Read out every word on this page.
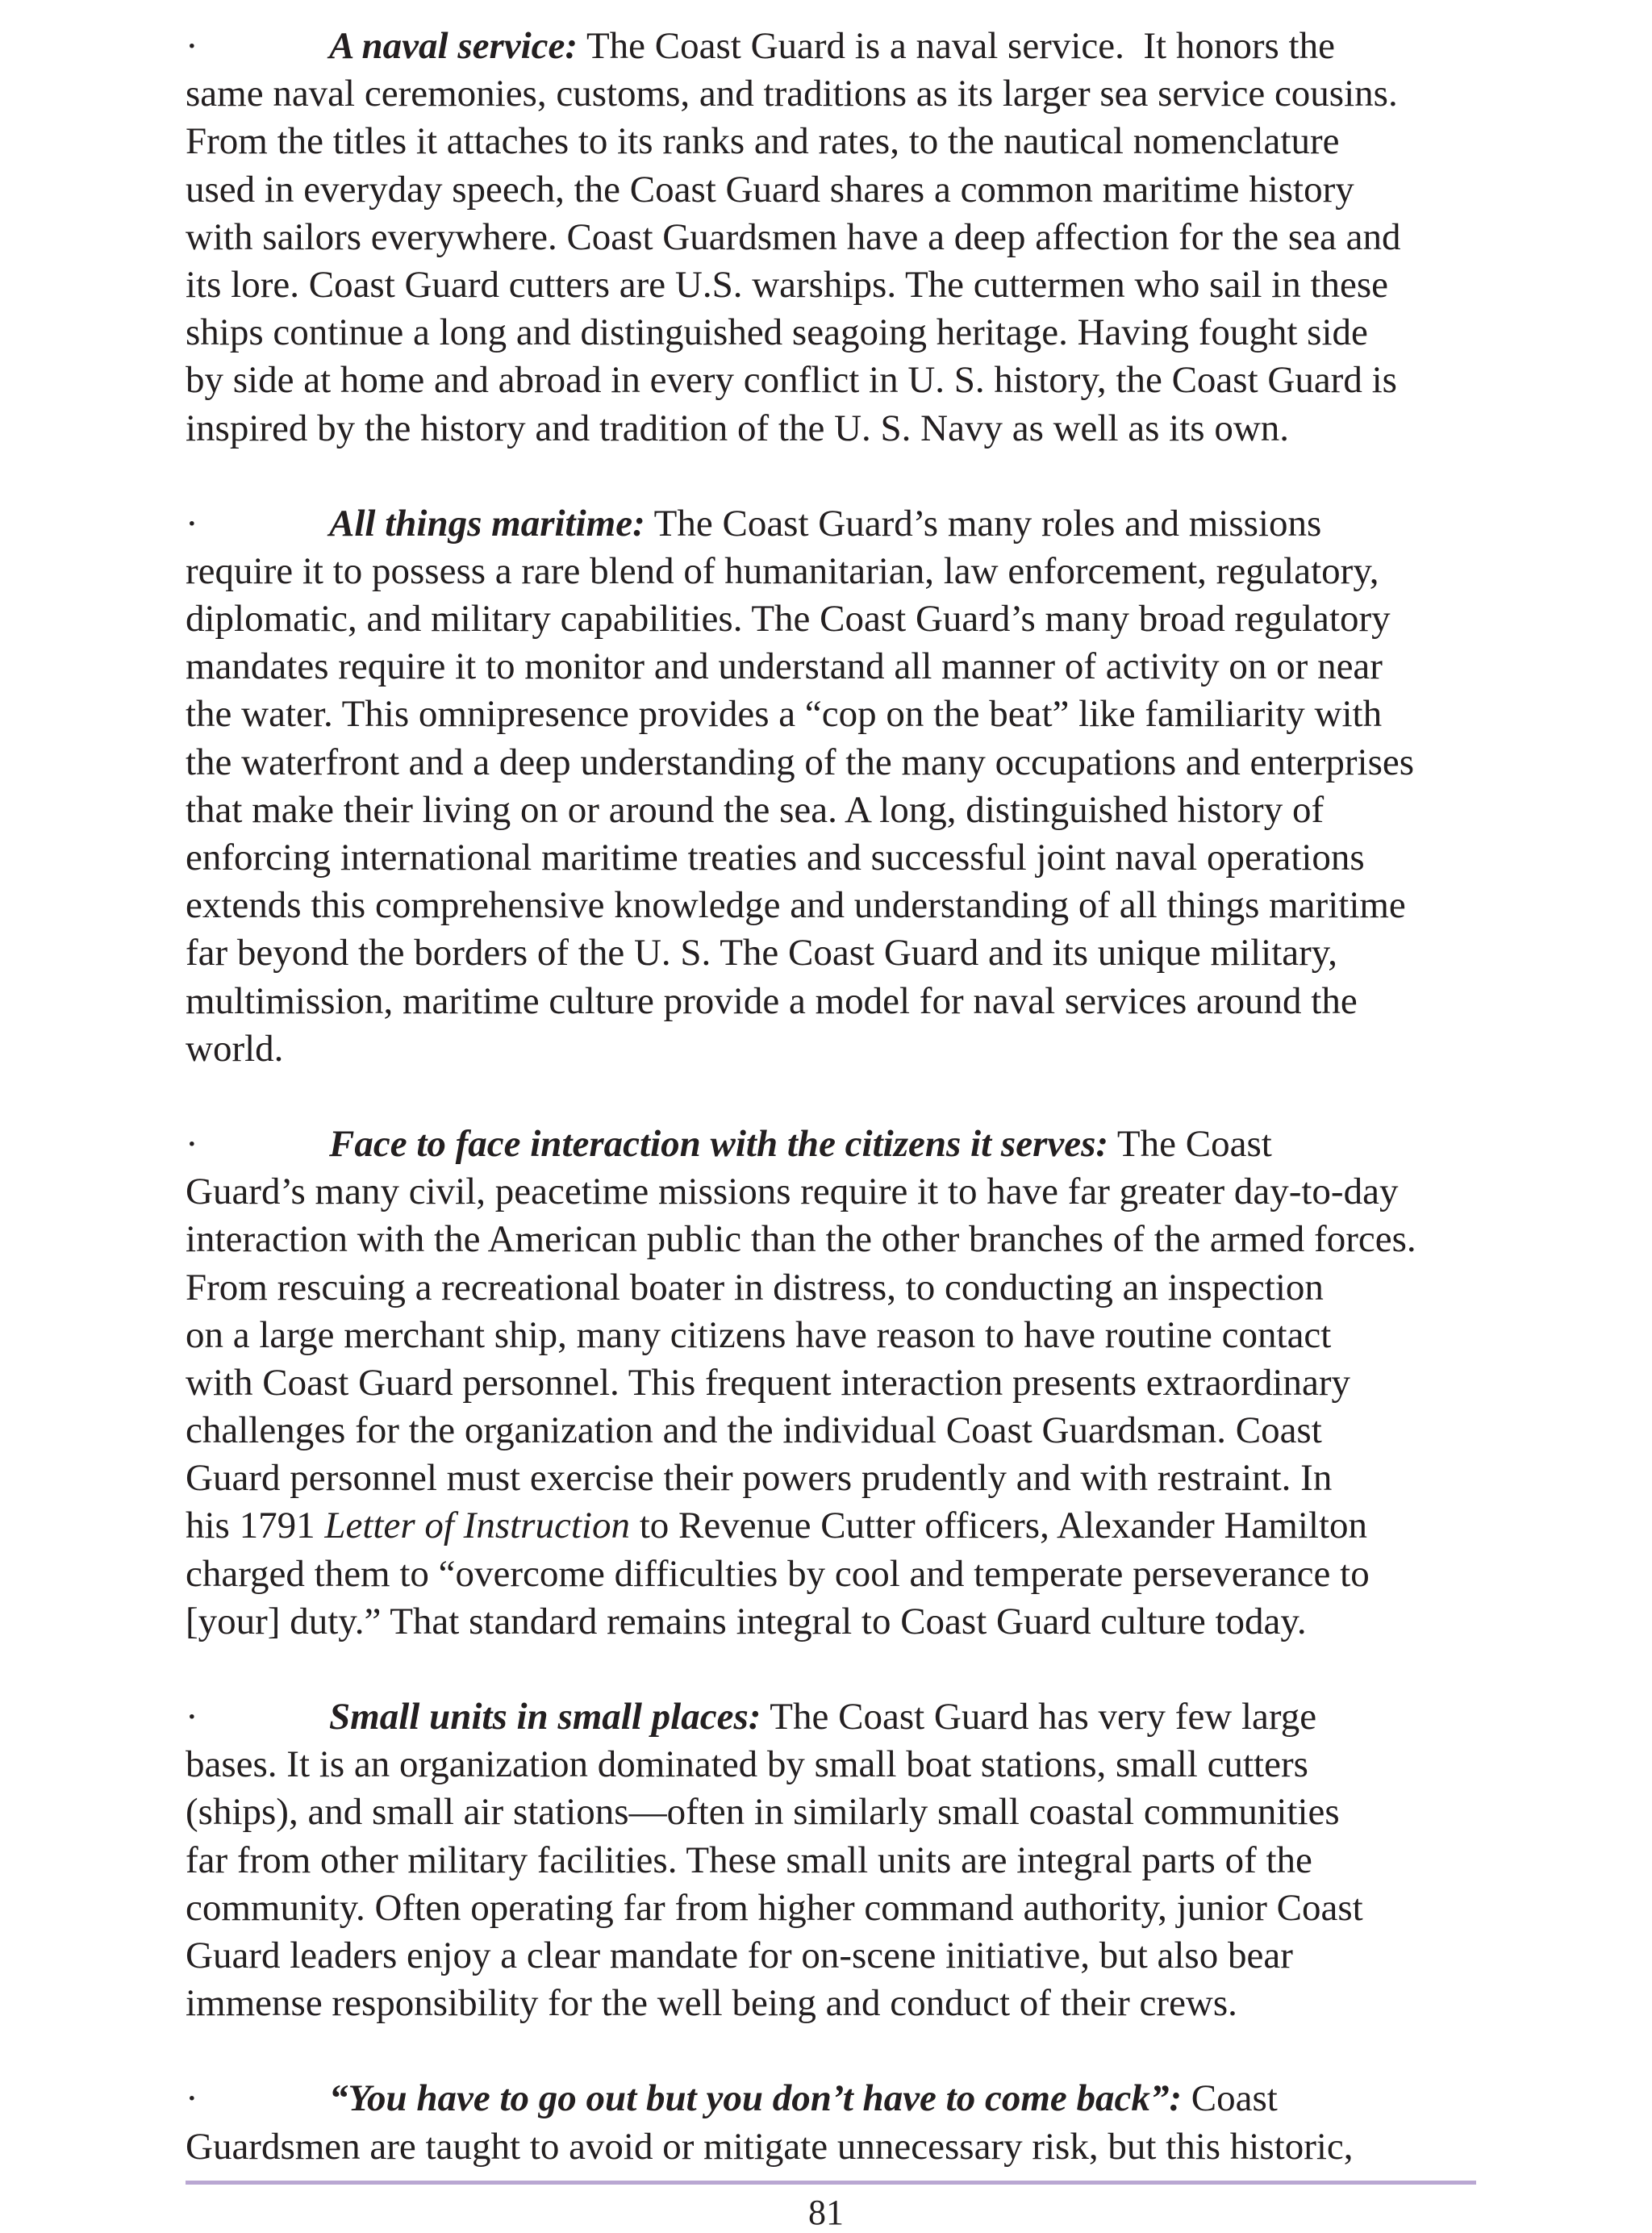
·	A naval service: The Coast Guard is a naval service.  It honors the
same naval ceremonies, customs, and traditions as its larger sea service cousins.
From the titles it attaches to its ranks and rates, to the nautical nomenclature
used in everyday speech, the Coast Guard shares a common maritime history
with sailors everywhere. Coast Guardsmen have a deep affection for the sea and
its lore. Coast Guard cutters are U.S. warships. The cuttermen who sail in these
ships continue a long and distinguished seagoing heritage. Having fought side
by side at home and abroad in every conflict in U. S. history, the Coast Guard is
inspired by the history and tradition of the U. S. Navy as well as its own.
·	All things maritime: The Coast Guard’s many roles and missions
require it to possess a rare blend of humanitarian, law enforcement, regulatory,
diplomatic, and military capabilities. The Coast Guard’s many broad regulatory
mandates require it to monitor and understand all manner of activity on or near
the water. This omnipresence provides a “cop on the beat” like familiarity with
the waterfront and a deep understanding of the many occupations and enterprises
that make their living on or around the sea. A long, distinguished history of
enforcing international maritime treaties and successful joint naval operations
extends this comprehensive knowledge and understanding of all things maritime
far beyond the borders of the U. S. The Coast Guard and its unique military,
multimission, maritime culture provide a model for naval services around the
world.
·	Face to face interaction with the citizens it serves: The Coast
Guard’s many civil, peacetime missions require it to have far greater day-to-day
interaction with the American public than the other branches of the armed forces.
From rescuing a recreational boater in distress, to conducting an inspection
on a large merchant ship, many citizens have reason to have routine contact
with Coast Guard personnel. This frequent interaction presents extraordinary
challenges for the organization and the individual Coast Guardsman. Coast
Guard personnel must exercise their powers prudently and with restraint. In
his 1791 Letter of Instruction to Revenue Cutter officers, Alexander Hamilton
charged them to “overcome difficulties by cool and temperate perseverance to
[your] duty.” That standard remains integral to Coast Guard culture today.
·	Small units in small places: The Coast Guard has very few large
bases. It is an organization dominated by small boat stations, small cutters
(ships), and small air stations—often in similarly small coastal communities
far from other military facilities. These small units are integral parts of the
community. Often operating far from higher command authority, junior Coast
Guard leaders enjoy a clear mandate for on-scene initiative, but also bear
immense responsibility for the well being and conduct of their crews.
·	“You have to go out but you don’t have to come back”: Coast
Guardsmen are taught to avoid or mitigate unnecessary risk, but this historic,
81
